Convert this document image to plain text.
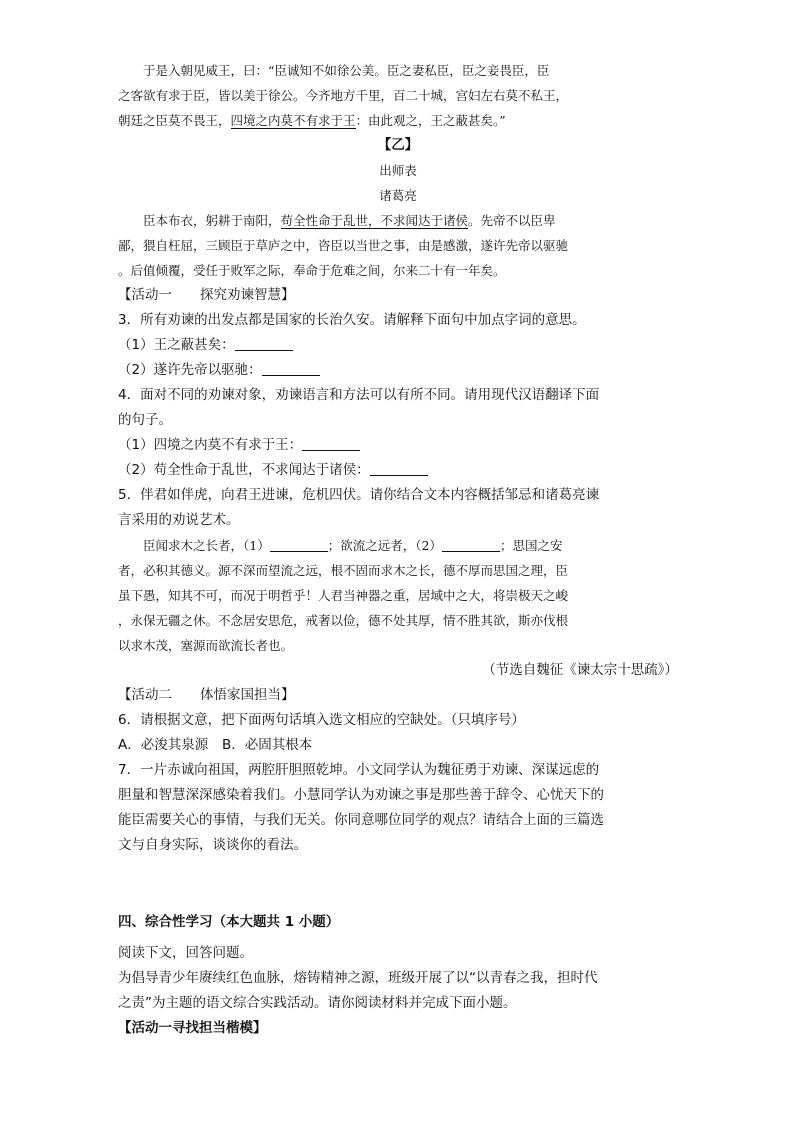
于是入朝见威王，曰：“臣诚知不如徐公美。臣之妻私臣，臣之妾畏臣，臣

之客欲有求于臣，皆以美于徐公。今齐地方千里，百二十城，宫妇左右莫不私王，

朝廷之臣莫不畏王，四境之内莫不有求于王：由此观之，王之蔽甚矣。”

【乙】

出师表

诸葛亮

臣本布衣，躬耕于南阳，苟全性命于乱世，不求闻达于诸侯。先帝不以臣卑

鄙，猥自枉屈，三顾臣于草庐之中，咨臣以当世之事，由是感激，遂许先帝以驱驰

。后值倾覆，受任于败军之际，奉命于危难之间，尔来二十有一年矣。

【活动一 探究劝谏智慧】

3．所有劝谏的出发点都是国家的长治久安。请解释下面句中加点字词的意思。

（1）王之蔽甚矣：

（2）遂许先帝以驱驰：

4．面对不同的劝谏对象，劝谏语言和方法可以有所不同。请用现代汉语翻译下面

的句子。

（1）四境之内莫不有求于王：

（2）苟全性命于乱世，不求闻达于诸侯：

5．伴君如伴虎，向君王进谏，危机四伏。请你结合文本内容概括邹忌和诸葛亮谏

言采用的劝说艺术。

臣闻求木之长者，（1）	；欲流之远者，（2）	；思国之安

者，必积其德义。源不深而望流之远，根不固而求木之长，德不厚而思国之理，臣

虽下愚，知其不可，而况于明哲乎！人君当神器之重，居域中之大，将崇极天之峻

，永保无疆之休。不念居安思危，戒奢以俭，德不处其厚，情不胜其欲，斯亦伐根

以求木茂，塞源而欲流长者也。

（节选自魏征《谏太宗十思疏》）

【活动二 体悟家国担当】

6．请根据文意，把下面两句话填入选文相应的空缺处。（只填序号）

A．必浚其泉源 B．必固其根本

7．一片赤诚向祖国，两腔肝胆照乾坤。小文同学认为魏征勇于劝谏、深谋远虑的

胆量和智慧深深感染着我们。小慧同学认为劝谏之事是那些善于辞令、心忧天下的

能臣需要关心的事情，与我们无关。你同意哪位同学的观点？请结合上面的三篇选

文与自身实际，谈谈你的看法。

四、综合性学习（本大题共 1 小题）

阅读下文，回答问题。

为倡导青少年赓续红色血脉，熔铸精神之源，班级开展了以“以青春之我，担时代

之责”为主题的语文综合实践活动。请你阅读材料并完成下面小题。

【活动一寻找担当楷模】
